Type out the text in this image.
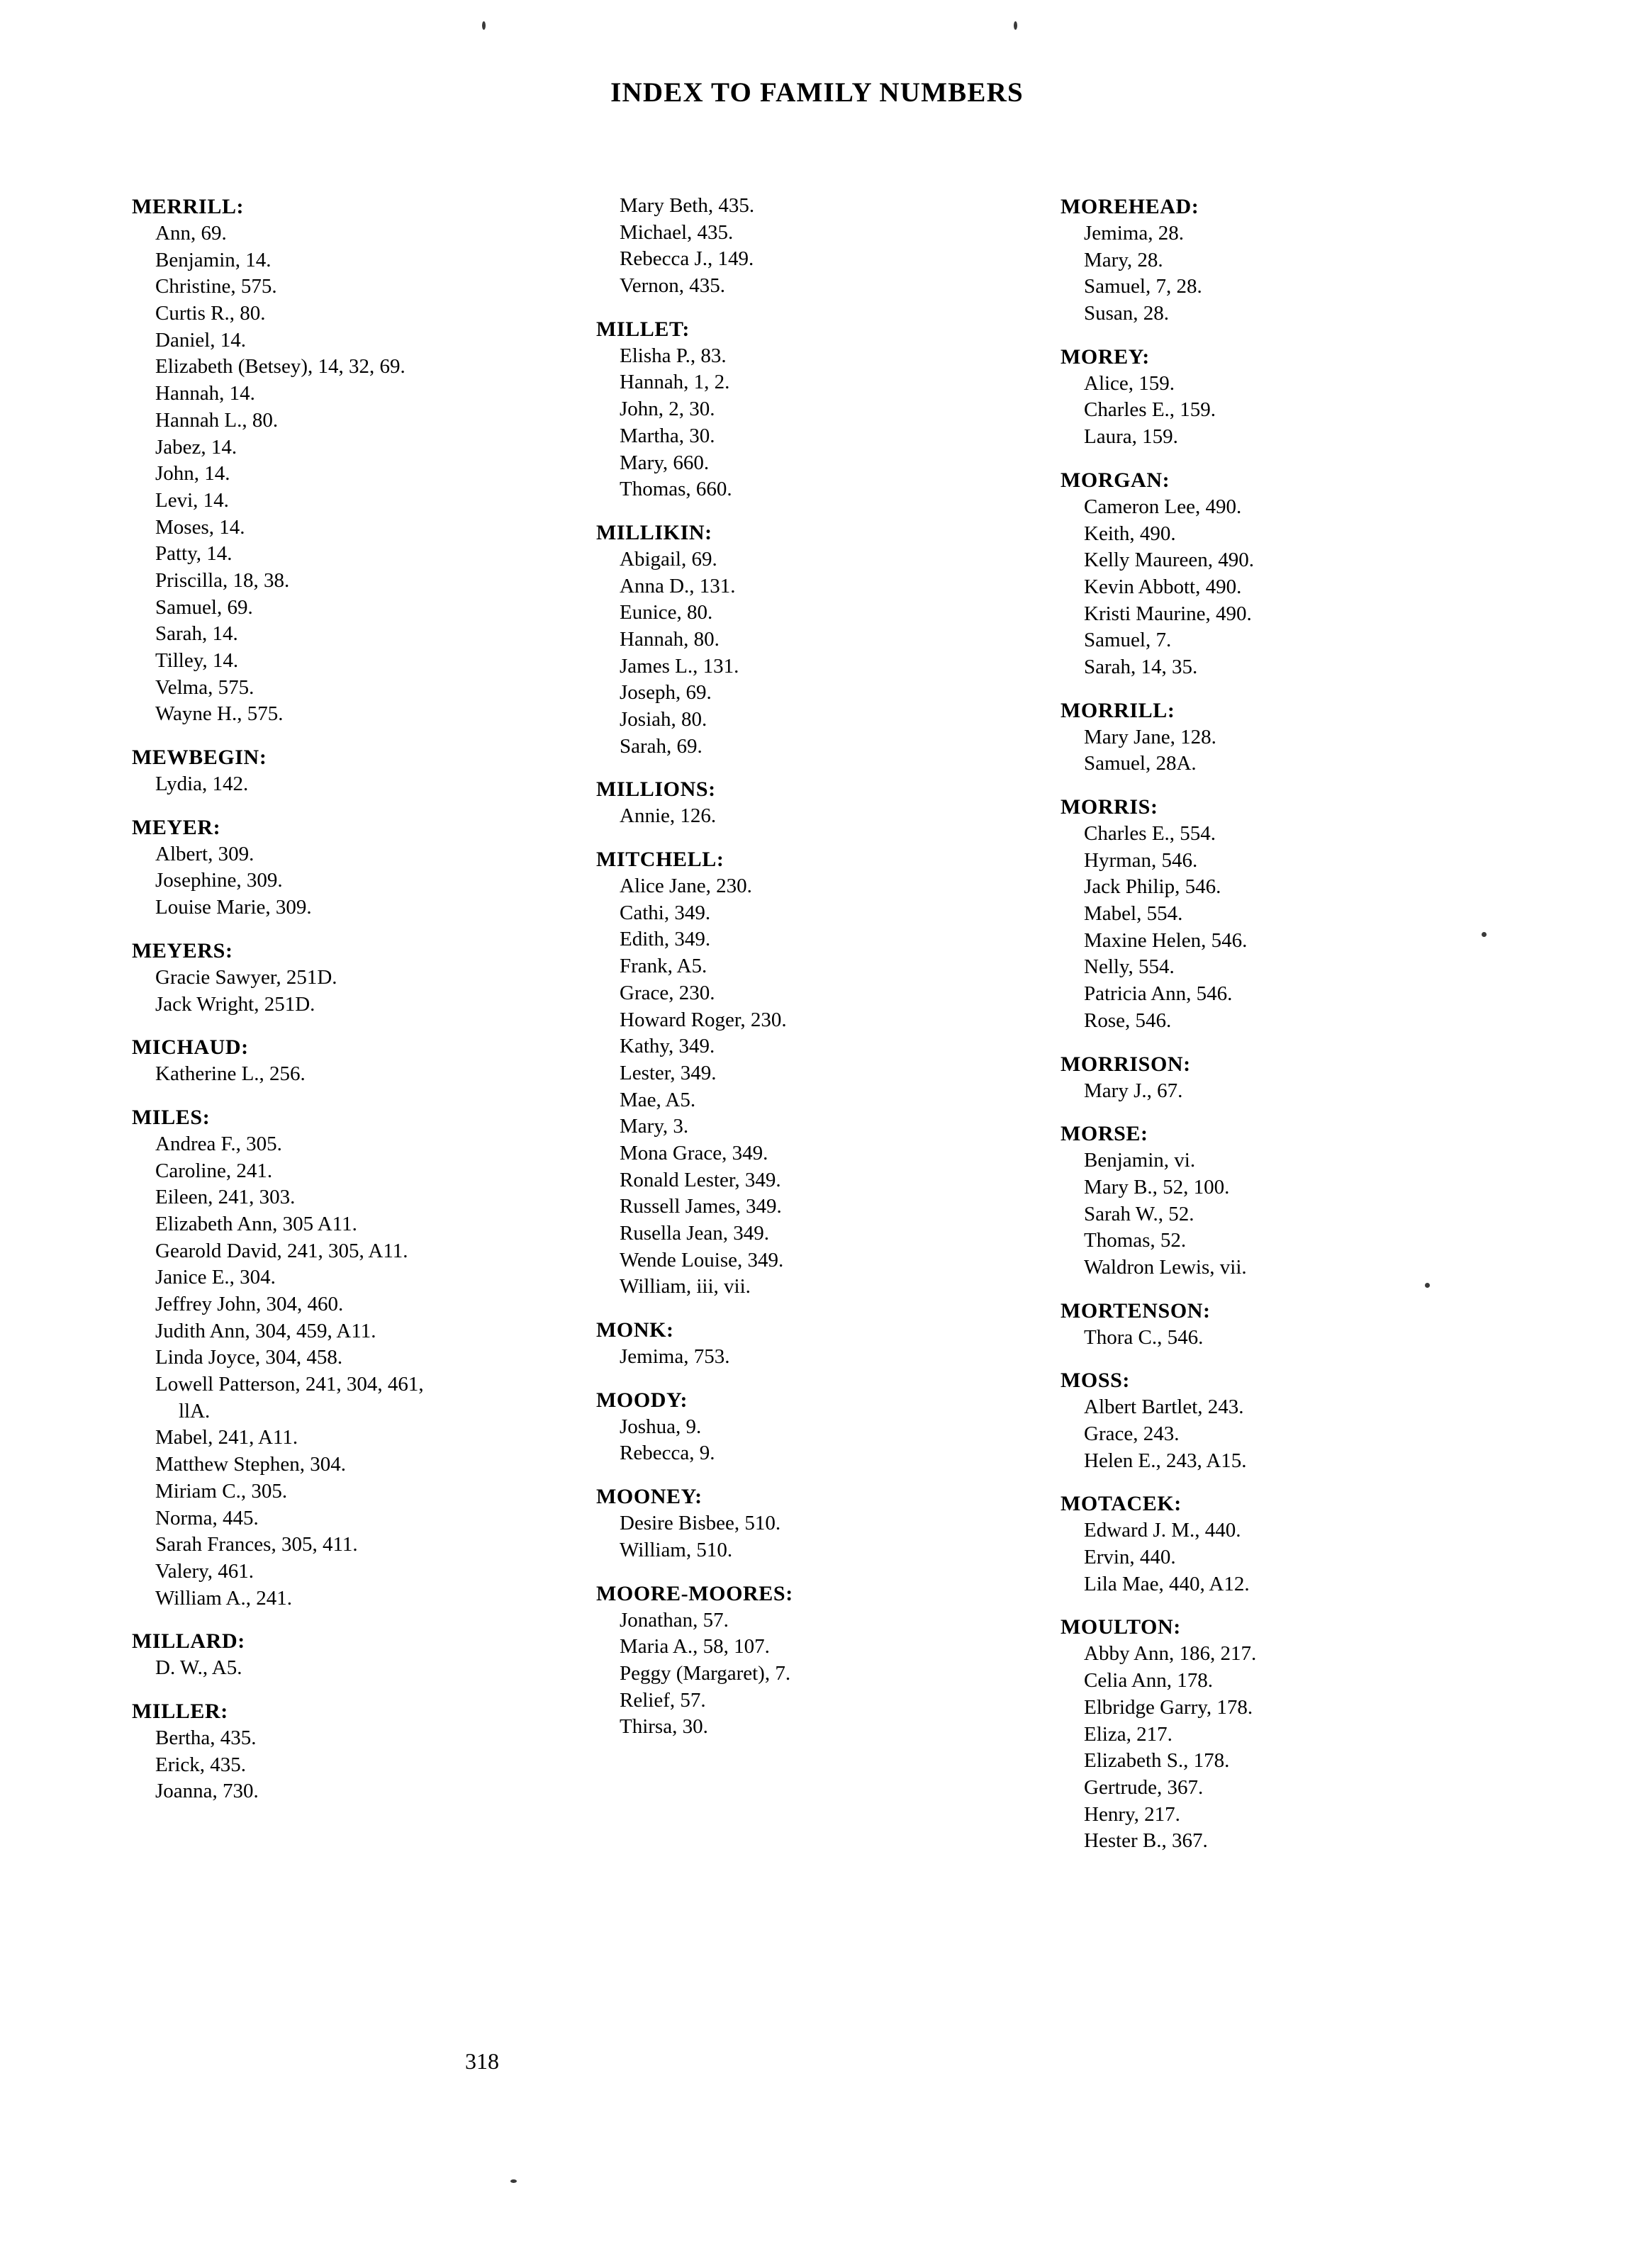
INDEX TO FAMILY NUMBERS
MERRILL:
Ann, 69.
Benjamin, 14.
Christine, 575.
Curtis R., 80.
Daniel, 14.
Elizabeth (Betsey), 14, 32, 69.
Hannah, 14.
Hannah L., 80.
Jabez, 14.
John, 14.
Levi, 14.
Moses, 14.
Patty, 14.
Priscilla, 18, 38.
Samuel, 69.
Sarah, 14.
Tilley, 14.
Velma, 575.
Wayne H., 575.
MEWBEGIN:
Lydia, 142.
MEYER:
Albert, 309.
Josephine, 309.
Louise Marie, 309.
MEYERS:
Gracie Sawyer, 251D.
Jack Wright, 251D.
MICHAUD:
Katherine L., 256.
MILES:
Andrea F., 305.
Caroline, 241.
Eileen, 241, 303.
Elizabeth Ann, 305 A11.
Gearold David, 241, 305, A11.
Janice E., 304.
Jeffrey John, 304, 460.
Judith Ann, 304, 459, A11.
Linda Joyce, 304, 458.
Lowell Patterson, 241, 304, 461,
llA.
Mabel, 241, A11.
Matthew Stephen, 304.
Miriam C., 305.
Norma, 445.
Sarah Frances, 305, 411.
Valery, 461.
William A., 241.
MILLARD:
D. W., A5.
MILLER:
Bertha, 435.
Erick, 435.
Joanna, 730.
Mary Beth, 435.
Michael, 435.
Rebecca J., 149.
Vernon, 435.
MILLET:
Elisha P., 83.
Hannah, 1, 2.
John, 2, 30.
Martha, 30.
Mary, 660.
Thomas, 660.
MILLIKIN:
Abigail, 69.
Anna D., 131.
Eunice, 80.
Hannah, 80.
James L., 131.
Joseph, 69.
Josiah, 80.
Sarah, 69.
MILLIONS:
Annie, 126.
MITCHELL:
Alice Jane, 230.
Cathi, 349.
Edith, 349.
Frank, A5.
Grace, 230.
Howard Roger, 230.
Kathy, 349.
Lester, 349.
Mae, A5.
Mary, 3.
Mona Grace, 349.
Ronald Lester, 349.
Russell James, 349.
Rusella Jean, 349.
Wende Louise, 349.
William, iii, vii.
MONK:
Jemima, 753.
MOODY:
Joshua, 9.
Rebecca, 9.
MOONEY:
Desire Bisbee, 510.
William, 510.
MOORE-MOORES:
Jonathan, 57.
Maria A., 58, 107.
Peggy (Margaret), 7.
Relief, 57.
Thirsa, 30.
MOREHEAD:
Jemima, 28.
Mary, 28.
Samuel, 7, 28.
Susan, 28.
MOREY:
Alice, 159.
Charles E., 159.
Laura, 159.
MORGAN:
Cameron Lee, 490.
Keith, 490.
Kelly Maureen, 490.
Kevin Abbott, 490.
Kristi Maurine, 490.
Samuel, 7.
Sarah, 14, 35.
MORRILL:
Mary Jane, 128.
Samuel, 28A.
MORRIS:
Charles E., 554.
Hyrman, 546.
Jack Philip, 546.
Mabel, 554.
Maxine Helen, 546.
Nelly, 554.
Patricia Ann, 546.
Rose, 546.
MORRISON:
Mary J., 67.
MORSE:
Benjamin, vi.
Mary B., 52, 100.
Sarah W., 52.
Thomas, 52.
Waldron Lewis, vii.
MORTENSON:
Thora C., 546.
MOSS:
Albert Bartlet, 243.
Grace, 243.
Helen E., 243, A15.
MOTACEK:
Edward J. M., 440.
Ervin, 440.
Lila Mae, 440, A12.
MOULTON:
Abby Ann, 186, 217.
Celia Ann, 178.
Elbridge Garry, 178.
Eliza, 217.
Elizabeth S., 178.
Gertrude, 367.
Henry, 217.
Hester B., 367.
318
